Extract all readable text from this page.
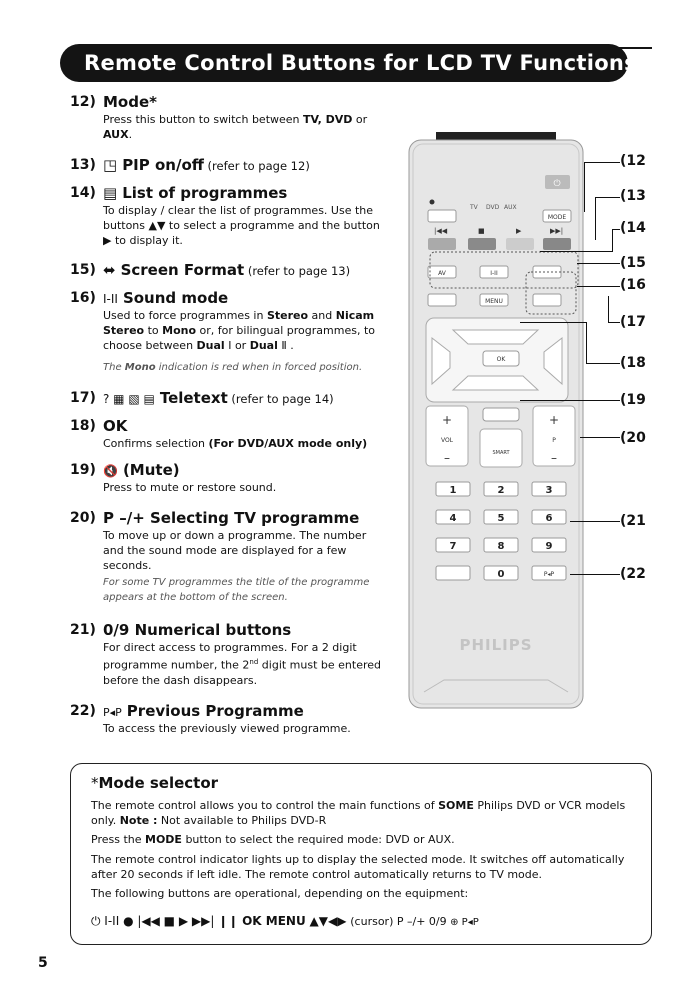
Remote Control Buttons for LCD TV Functions
12) Mode*

Press this button to switch between TV, DVD or AUX.

13) ◳ PIP on/off (refer to page 12)
14) ▤ List of programmes
To display / clear the list of programmes. Use the buttons ▲▼ to select a programme and the button ▶ to display it.
15) ⬌ Screen Format (refer to page 13)
16) I-II Sound mode

Used to force programmes in Stereo and Nicam Stereo to Mono or, for bilingual programmes, to choose between Dual Ⅰ or Dual Ⅱ .

The Mono indication is red when in forced position.
17) ? ▦ ▧ ▤ Teletext (refer to page 14)
18) OK
Confirms selection (For DVD/AUX mode only)
19) 🔇 (Mute)
Press to mute or restore sound.
20) P –/+ Selecting TV programme
To move up or down a programme. The number and the sound mode are displayed for a few seconds.
For some TV programmes the title of the programme appears at the bottom of the screen.
21) 0/9 Numerical buttons
For direct access to programmes. For a 2 digit programme number, the 2nd digit must be entered before the dash disappears.
22) P◂P Previous Programme
To access the previously viewed programme.
⏻
TV DVD AUX
MODE
|◀◀	■	▶	▶▶|
AV	I-II
MENU
OK
+
VOL
–
+
P
–
SMART
1	2	3
4	5	6
7	8	9
0	P◂P
PHILIPS
(12
(13
(14
(15
(16
(17
(18
(19
(20
(21
(22
*Mode selector
The remote control allows you to control the main functions of SOME Philips DVD or VCR models only. Note : Not available to Philips DVD-R
Press the MODE button to select the required mode: DVD or AUX.
The remote control indicator lights up to display the selected mode. It switches off automatically after 20 seconds if left idle. The remote control automatically returns to TV mode.
The following buttons are operational, depending on the equipment:
⏻ I-II ● |◀◀ ■ ▶ ▶▶| ❙❙ OK MENU ▲▼◀▶ (cursor) P –/+ 0/9 ⊕ P◂P
5
